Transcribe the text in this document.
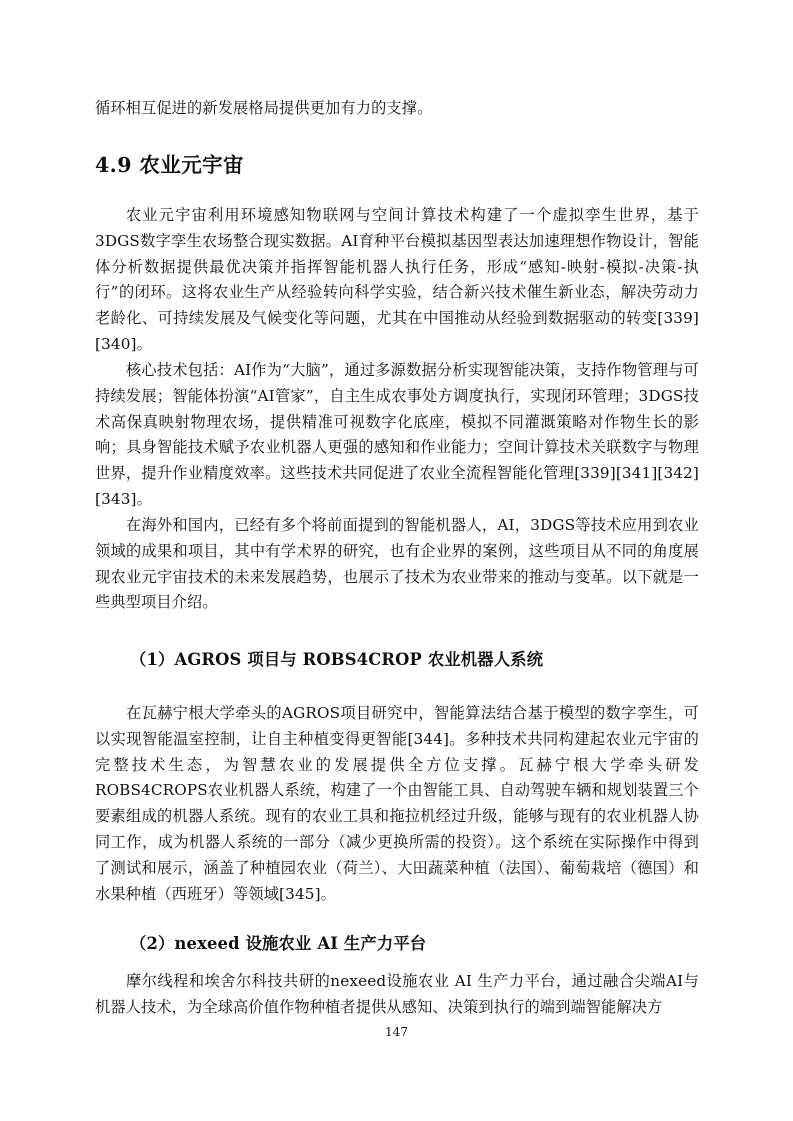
循环相互促进的新发展格局提供更加有力的支撑。

4.9 农业元宇宙

农业元宇宙利用环境感知物联网与空间计算技术构建了一个虚拟孪生世界，基于3DGS数字孪生农场整合现实数据。AI育种平台模拟基因型表达加速理想作物设计，智能体分析数据提供最优决策并指挥智能机器人执行任务，形成“感知-映射-模拟-决策-执行”的闭环。这将农业生产从经验转向科学实验，结合新兴技术催生新业态，解决劳动力老龄化、可持续发展及气候变化等问题，尤其在中国推动从经验到数据驱动的转变[339][340]。

核心技术包括：AI作为“大脑”，通过多源数据分析实现智能决策，支持作物管理与可持续发展；智能体扮演“AI管家”，自主生成农事处方调度执行，实现闭环管理；3DGS技术高保真映射物理农场，提供精准可视数字化底座，模拟不同灌溉策略对作物生长的影响；具身智能技术赋予农业机器人更强的感知和作业能力；空间计算技术关联数字与物理世界，提升作业精度效率。这些技术共同促进了农业全流程智能化管理[339][341][342][343]。

在海外和国内，已经有多个将前面提到的智能机器人，AI，3DGS等技术应用到农业领域的成果和项目，其中有学术界的研究，也有企业界的案例，这些项目从不同的角度展现农业元宇宙技术的未来发展趋势，也展示了技术为农业带来的推动与变革。以下就是一些典型项目介绍。

（1）AGROS 项目与 ROBS4CROP 农业机器人系统

在瓦赫宁根大学牵头的AGROS项目研究中，智能算法结合基于模型的数字孪生，可以实现智能温室控制，让自主种植变得更智能[344]。多种技术共同构建起农业元宇宙的完整技术生态，为智慧农业的发展提供全方位支撑。瓦赫宁根大学牵头研发ROBS4CROPS农业机器人系统，构建了一个由智能工具、自动驾驶车辆和规划装置三个要素组成的机器人系统。现有的农业工具和拖拉机经过升级，能够与现有的农业机器人协同工作，成为机器人系统的一部分（减少更换所需的投资）。这个系统在实际操作中得到了测试和展示，涵盖了种植园农业（荷兰）、大田蔬菜种植（法国）、葡萄栽培（德国）和水果种植（西班牙）等领域[345]。

（2）nexeed 设施农业 AI 生产力平台

摩尔线程和埃舍尔科技共研的nexeed设施农业 AI 生产力平台，通过融合尖端AI与机器人技术，为全球高价值作物种植者提供从感知、决策到执行的端到端智能解决方

147
